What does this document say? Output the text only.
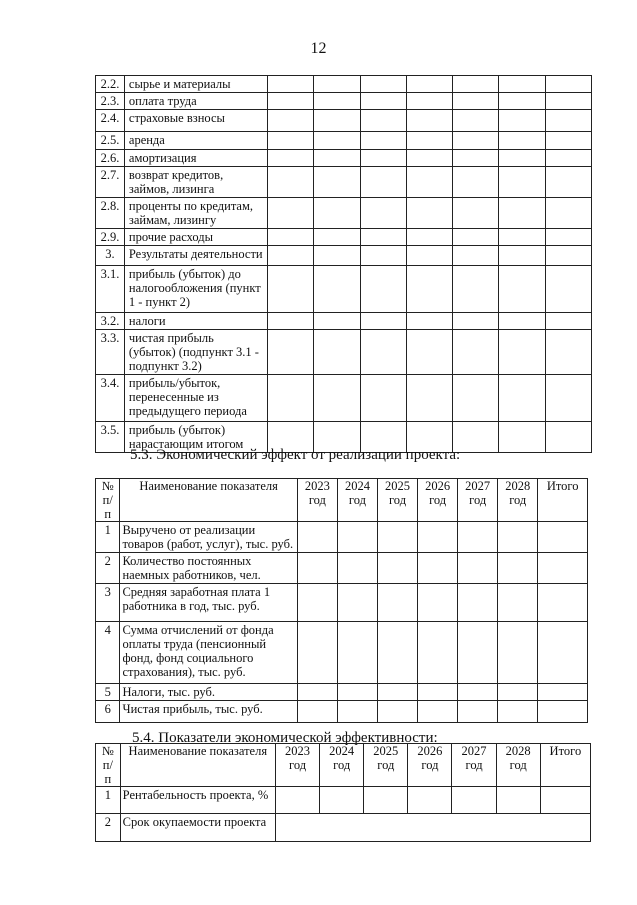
12
2.2.	сырье и материалы							
2.3.	оплата труда							
2.4.	страховые взносы							
2.5.	аренда							
2.6.	амортизация							
2.7.	возврат кредитов, займов, лизинга							
2.8.	проценты по кредитам, займам, лизингу							
2.9.	прочие расходы							
3.	Результаты деятельности							
3.1.	прибыль (убыток) до налогообложения (пункт 1 - пункт 2)							
3.2.	налоги							
3.3.	чистая прибыль (убыток) (подпункт 3.1 - подпункт 3.2)							
3.4.	прибыль/убыток, перенесенные из предыдущего периода							
3.5.	прибыль (убыток) нарастающим итогом							
5.3. Экономический эффект от реализации проекта:
№ п/п	Наименование показателя	2023 год	2024 год	2025 год	2026 год	2027 год	2028 год	Итого
1	Выручено от реализации товаров (работ, услуг), тыс. руб.							
2	Количество постоянных наемных работников, чел.							
3	Средняя заработная плата 1 работника в год, тыс. руб.							
4	Сумма отчислений от фонда оплаты труда (пенсионный фонд, фонд социального страхования), тыс. руб.							
5	Налоги, тыс. руб.							
6	Чистая прибыль, тыс. руб.							
5.4. Показатели экономической эффективности:
№ п/п	Наименование показателя	2023 год	2024 год	2025 год	2026 год	2027 год	2028 год	Итого
1	Рентабельность проекта, %							
2	Срок окупаемости проекта							
